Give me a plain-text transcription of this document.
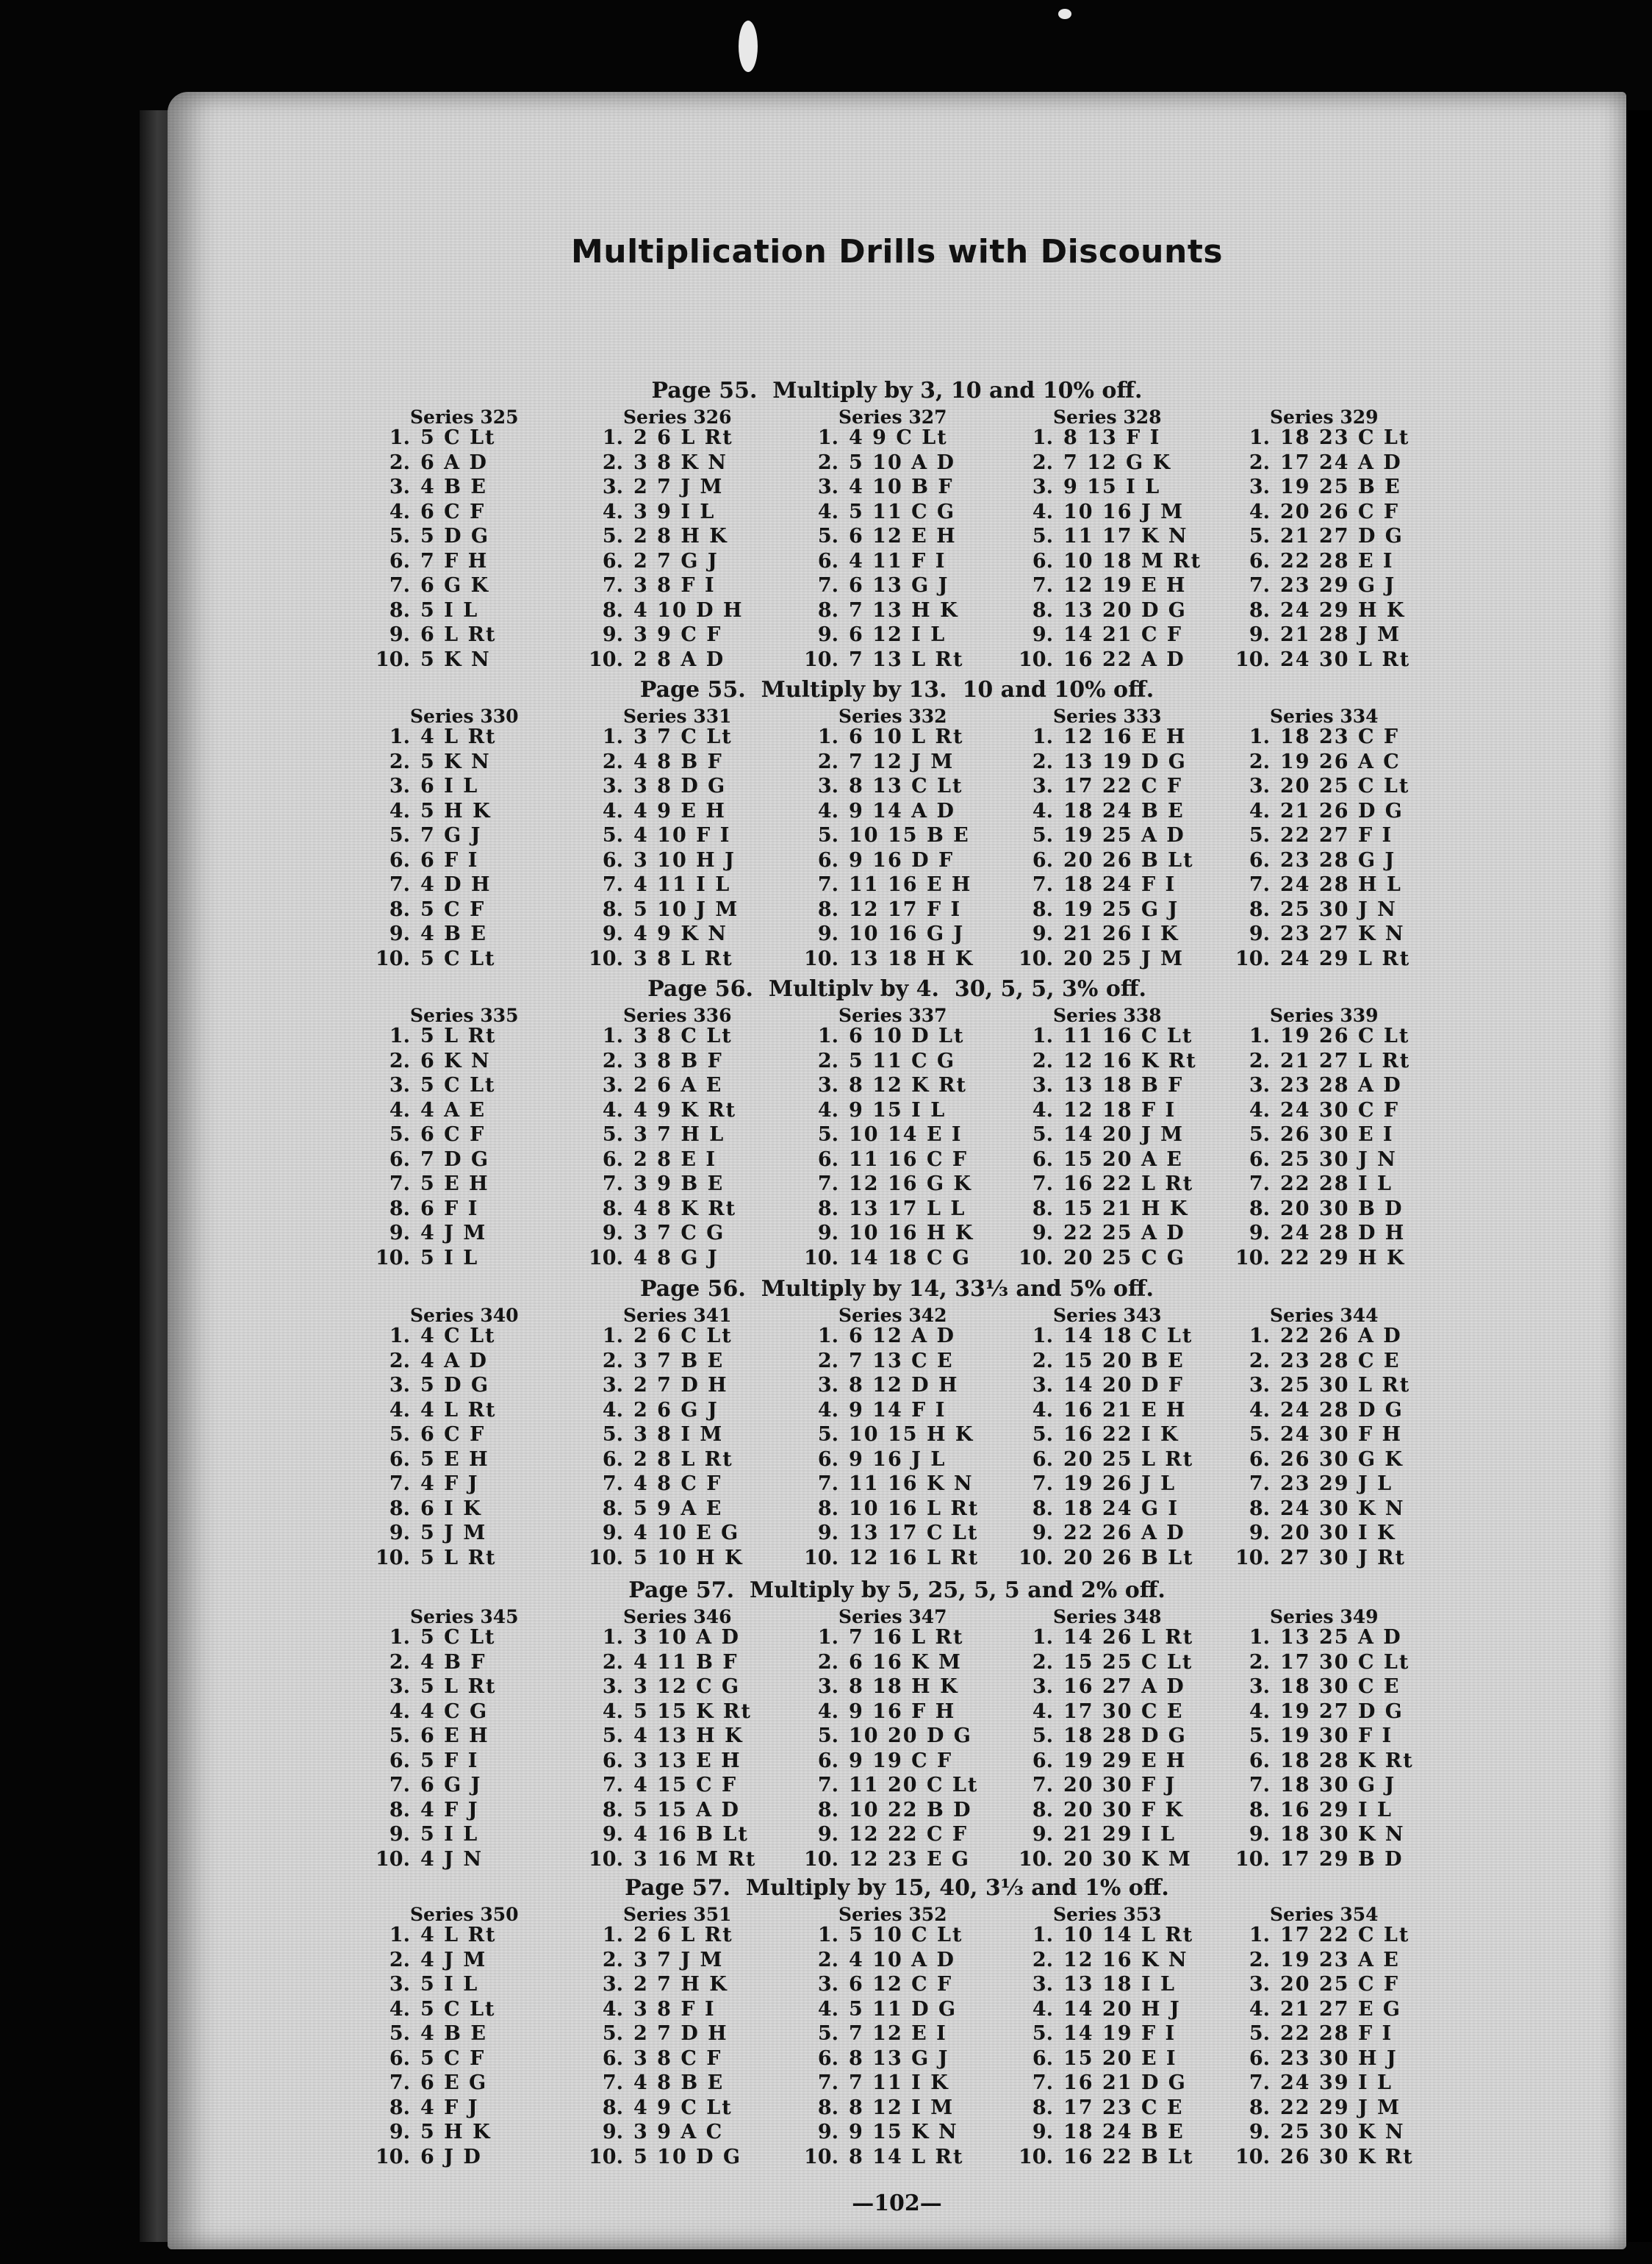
Multiplication Drills with Discounts
Page 55.  Multiply by 3, 10 and 10% off.
Series 325
1. 5 C Lt
2. 6 A D
3. 4 B E
4. 6 C F
5. 5 D G
6. 7 F H
7. 6 G K
8. 5 I L
9. 6 L Rt
10. 5 K N
Series 326
1. 2 6 L Rt
2. 3 8 K N
3. 2 7 J M
4. 3 9 I L
5. 2 8 H K
6. 2 7 G J
7. 3 8 F I
8. 4 10 D H
9. 3 9 C F
10. 2 8 A D
Series 327
1. 4 9 C Lt
2. 5 10 A D
3. 4 10 B F
4. 5 11 C G
5. 6 12 E H
6. 4 11 F I
7. 6 13 G J
8. 7 13 H K
9. 6 12 I L
10. 7 13 L Rt
Series 328
1. 8 13 F I
2. 7 12 G K
3. 9 15 I L
4. 10 16 J M
5. 11 17 K N
6. 10 18 M Rt
7. 12 19 E H
8. 13 20 D G
9. 14 21 C F
10. 16 22 A D
Series 329
1. 18 23 C Lt
2. 17 24 A D
3. 19 25 B E
4. 20 26 C F
5. 21 27 D G
6. 22 28 E I
7. 23 29 G J
8. 24 29 H K
9. 21 28 J M
10. 24 30 L Rt
Page 55.  Multiply by 13.  10 and 10% off.
Series 330
1. 4 L Rt
2. 5 K N
3. 6 I L
4. 5 H K
5. 7 G J
6. 6 F I
7. 4 D H
8. 5 C F
9. 4 B E
10. 5 C Lt
Series 331
1. 3 7 C Lt
2. 4 8 B F
3. 3 8 D G
4. 4 9 E H
5. 4 10 F I
6. 3 10 H J
7. 4 11 I L
8. 5 10 J M
9. 4 9 K N
10. 3 8 L Rt
Series 332
1. 6 10 L Rt
2. 7 12 J M
3. 8 13 C Lt
4. 9 14 A D
5. 10 15 B E
6. 9 16 D F
7. 11 16 E H
8. 12 17 F I
9. 10 16 G J
10. 13 18 H K
Series 333
1. 12 16 E H
2. 13 19 D G
3. 17 22 C F
4. 18 24 B E
5. 19 25 A D
6. 20 26 B Lt
7. 18 24 F I
8. 19 25 G J
9. 21 26 I K
10. 20 25 J M
Series 334
1. 18 23 C F
2. 19 26 A C
3. 20 25 C Lt
4. 21 26 D G
5. 22 27 F I
6. 23 28 G J
7. 24 28 H L
8. 25 30 J N
9. 23 27 K N
10. 24 29 L Rt
Page 56.  Multiplv by 4.  30, 5, 5, 3% off.
Series 335
1. 5 L Rt
2. 6 K N
3. 5 C Lt
4. 4 A E
5. 6 C F
6. 7 D G
7. 5 E H
8. 6 F I
9. 4 J M
10. 5 I L
Series 336
1. 3 8 C Lt
2. 3 8 B F
3. 2 6 A E
4. 4 9 K Rt
5. 3 7 H L
6. 2 8 E I
7. 3 9 B E
8. 4 8 K Rt
9. 3 7 C G
10. 4 8 G J
Series 337
1. 6 10 D Lt
2. 5 11 C G
3. 8 12 K Rt
4. 9 15 I L
5. 10 14 E I
6. 11 16 C F
7. 12 16 G K
8. 13 17 L L
9. 10 16 H K
10. 14 18 C G
Series 338
1. 11 16 C Lt
2. 12 16 K Rt
3. 13 18 B F
4. 12 18 F I
5. 14 20 J M
6. 15 20 A E
7. 16 22 L Rt
8. 15 21 H K
9. 22 25 A D
10. 20 25 C G
Series 339
1. 19 26 C Lt
2. 21 27 L Rt
3. 23 28 A D
4. 24 30 C F
5. 26 30 E I
6. 25 30 J N
7. 22 28 I L
8. 20 30 B D
9. 24 28 D H
10. 22 29 H K
Page 56.  Multiply by 14, 33⅓ and 5% off.
Series 340
1. 4 C Lt
2. 4 A D
3. 5 D G
4. 4 L Rt
5. 6 C F
6. 5 E H
7. 4 F J
8. 6 I K
9. 5 J M
10. 5 L Rt
Series 341
1. 2 6 C Lt
2. 3 7 B E
3. 2 7 D H
4. 2 6 G J
5. 3 8 I M
6. 2 8 L Rt
7. 4 8 C F
8. 5 9 A E
9. 4 10 E G
10. 5 10 H K
Series 342
1. 6 12 A D
2. 7 13 C E
3. 8 12 D H
4. 9 14 F I
5. 10 15 H K
6. 9 16 J L
7. 11 16 K N
8. 10 16 L Rt
9. 13 17 C Lt
10. 12 16 L Rt
Series 343
1. 14 18 C Lt
2. 15 20 B E
3. 14 20 D F
4. 16 21 E H
5. 16 22 I K
6. 20 25 L Rt
7. 19 26 J L
8. 18 24 G I
9. 22 26 A D
10. 20 26 B Lt
Series 344
1. 22 26 A D
2. 23 28 C E
3. 25 30 L Rt
4. 24 28 D G
5. 24 30 F H
6. 26 30 G K
7. 23 29 J L
8. 24 30 K N
9. 20 30 I K
10. 27 30 J Rt
Page 57.  Multiply by 5, 25, 5, 5 and 2% off.
Series 345
1. 5 C Lt
2. 4 B F
3. 5 L Rt
4. 4 C G
5. 6 E H
6. 5 F I
7. 6 G J
8. 4 F J
9. 5 I L
10. 4 J N
Series 346
1. 3 10 A D
2. 4 11 B F
3. 3 12 C G
4. 5 15 K Rt
5. 4 13 H K
6. 3 13 E H
7. 4 15 C F
8. 5 15 A D
9. 4 16 B Lt
10. 3 16 M Rt
Series 347
1. 7 16 L Rt
2. 6 16 K M
3. 8 18 H K
4. 9 16 F H
5. 10 20 D G
6. 9 19 C F
7. 11 20 C Lt
8. 10 22 B D
9. 12 22 C F
10. 12 23 E G
Series 348
1. 14 26 L Rt
2. 15 25 C Lt
3. 16 27 A D
4. 17 30 C E
5. 18 28 D G
6. 19 29 E H
7. 20 30 F J
8. 20 30 F K
9. 21 29 I L
10. 20 30 K M
Series 349
1. 13 25 A D
2. 17 30 C Lt
3. 18 30 C E
4. 19 27 D G
5. 19 30 F I
6. 18 28 K Rt
7. 18 30 G J
8. 16 29 I L
9. 18 30 K N
10. 17 29 B D
Page 57.  Multiply by 15, 40, 3⅓ and 1% off.
Series 350
1. 4 L Rt
2. 4 J M
3. 5 I L
4. 5 C Lt
5. 4 B E
6. 5 C F
7. 6 E G
8. 4 F J
9. 5 H K
10. 6 J D
Series 351
1. 2 6 L Rt
2. 3 7 J M
3. 2 7 H K
4. 3 8 F I
5. 2 7 D H
6. 3 8 C F
7. 4 8 B E
8. 4 9 C Lt
9. 3 9 A C
10. 5 10 D G
Series 352
1. 5 10 C Lt
2. 4 10 A D
3. 6 12 C F
4. 5 11 D G
5. 7 12 E I
6. 8 13 G J
7. 7 11 I K
8. 8 12 I M
9. 9 15 K N
10. 8 14 L Rt
Series 353
1. 10 14 L Rt
2. 12 16 K N
3. 13 18 I L
4. 14 20 H J
5. 14 19 F I
6. 15 20 E I
7. 16 21 D G
8. 17 23 C E
9. 18 24 B E
10. 16 22 B Lt
Series 354
1. 17 22 C Lt
2. 19 23 A E
3. 20 25 C F
4. 21 27 E G
5. 22 28 F I
6. 23 30 H J
7. 24 39 I L
8. 22 29 J M
9. 25 30 K N
10. 26 30 K Rt
—102—
